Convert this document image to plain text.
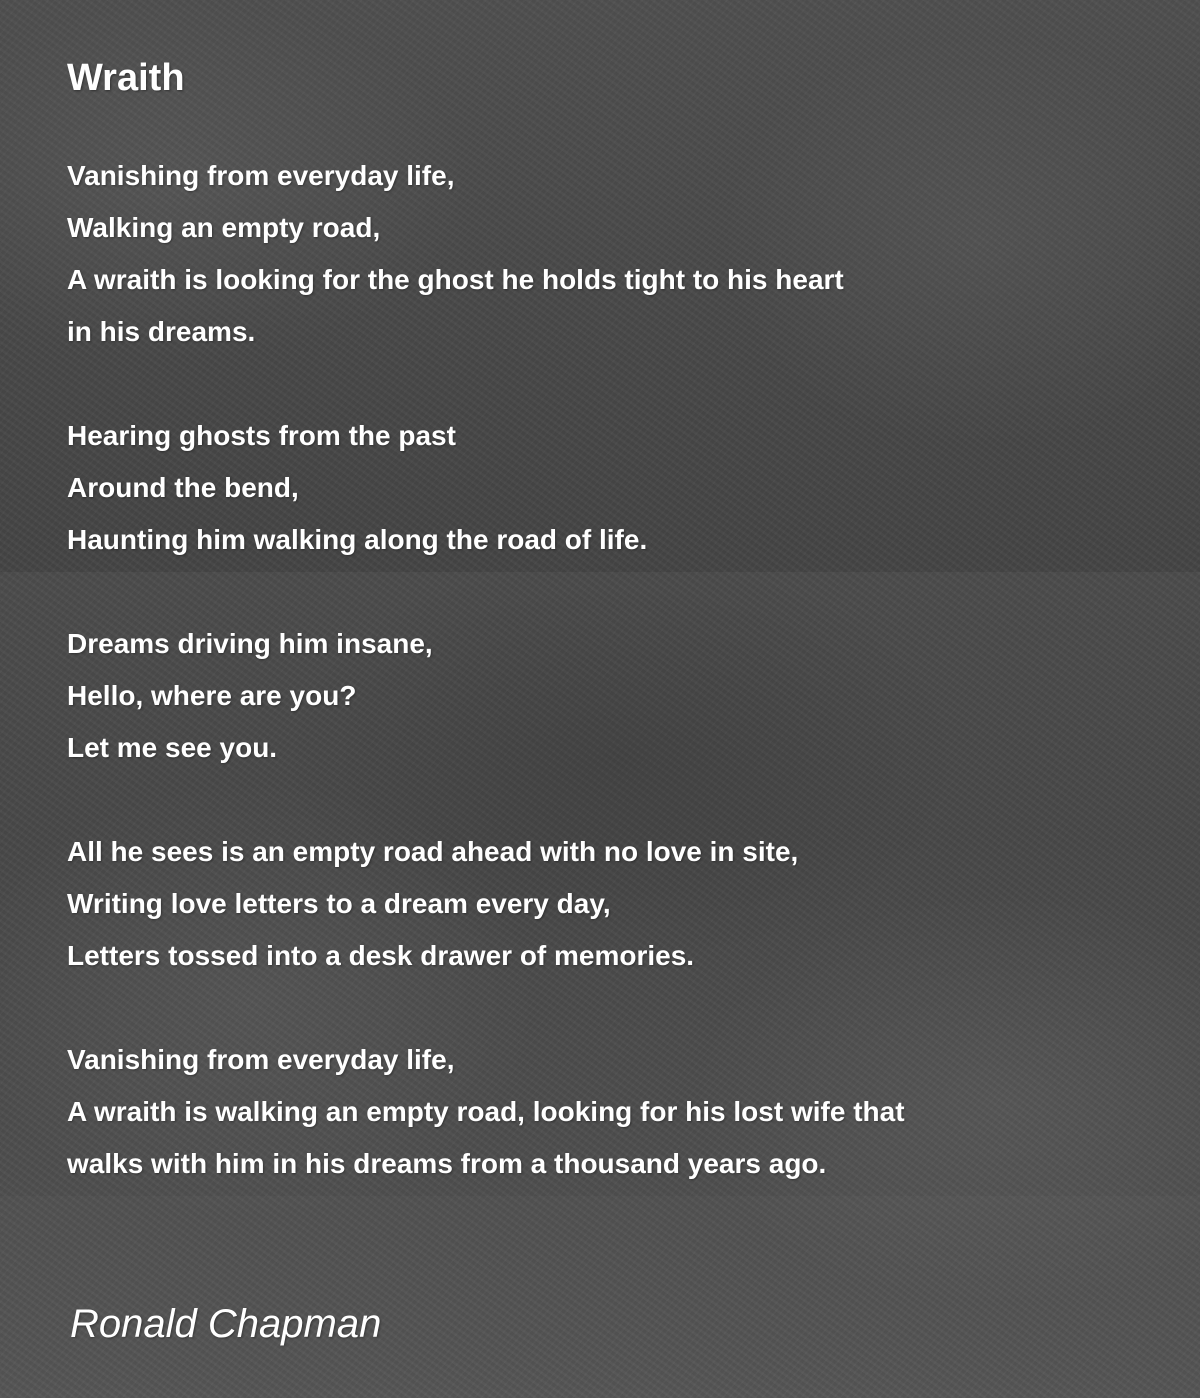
Wraith
Vanishing from everyday life,
Walking an empty road,
A wraith is looking for the ghost he holds tight to his heart
in his dreams.
Hearing ghosts from the past
Around the bend,
Haunting him walking along the road of life.
Dreams driving him insane,
Hello, where are you?
Let me see you.
All he sees is an empty road ahead with no love in site,
Writing love letters to a dream every day,
Letters tossed into a desk drawer of memories.
Vanishing from everyday life,
A wraith is walking an empty road, looking for his lost wife that
walks with him in his dreams from a thousand years ago.

Ronald Chapman
